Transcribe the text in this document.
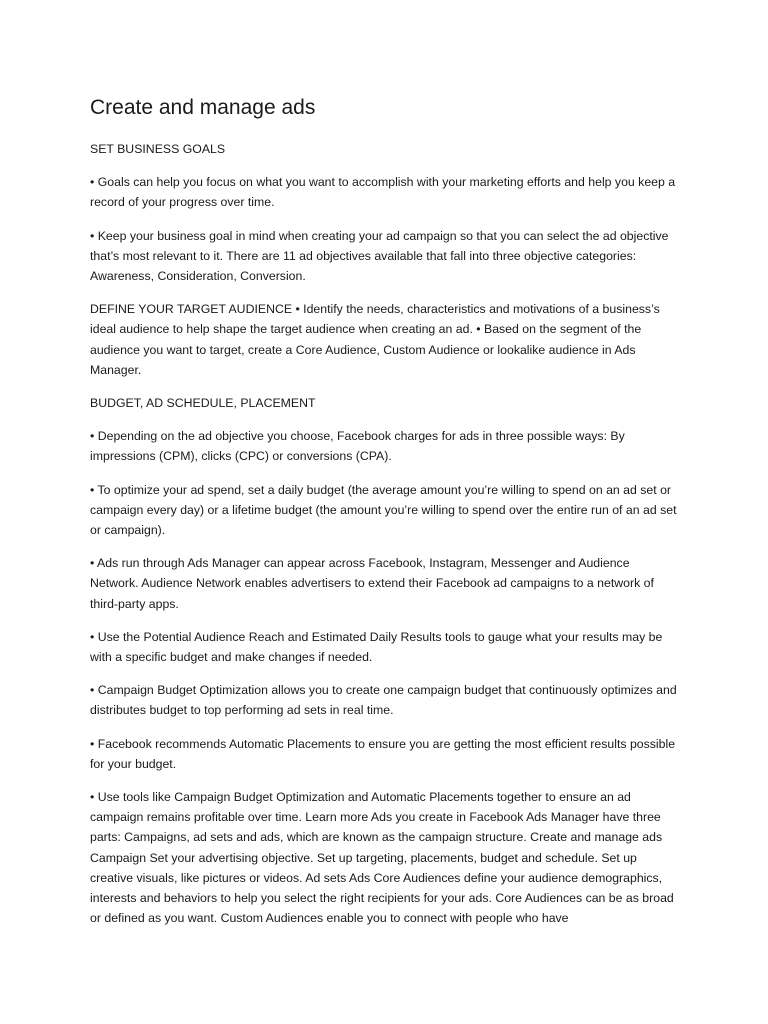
Create and manage ads

SET BUSINESS GOALS

• Goals can help you focus on what you want to accomplish with your marketing efforts and help you keep a record of your progress over time.

• Keep your business goal in mind when creating your ad campaign so that you can select the ad objective that’s most relevant to it. There are 11 ad objectives available that fall into three objective categories: Awareness, Consideration, Conversion.

DEFINE YOUR TARGET AUDIENCE • Identify the needs, characteristics and motivations of a business’s ideal audience to help shape the target audience when creating an ad. • Based on the segment of the audience you want to target, create a Core Audience, Custom Audience or lookalike audience in Ads Manager.

BUDGET, AD SCHEDULE, PLACEMENT

• Depending on the ad objective you choose, Facebook charges for ads in three possible ways: By impressions (CPM), clicks (CPC) or conversions (CPA).

• To optimize your ad spend, set a daily budget (the average amount you’re willing to spend on an ad set or campaign every day) or a lifetime budget (the amount you’re willing to spend over the entire run of an ad set or campaign).

• Ads run through Ads Manager can appear across Facebook, Instagram, Messenger and Audience Network. Audience Network enables advertisers to extend their Facebook ad campaigns to a network of third-party apps.

• Use the Potential Audience Reach and Estimated Daily Results tools to gauge what your results may be with a specific budget and make changes if needed.

• Campaign Budget Optimization allows you to create one campaign budget that continuously optimizes and distributes budget to top performing ad sets in real time.

• Facebook recommends Automatic Placements to ensure you are getting the most efficient results possible for your budget.

• Use tools like Campaign Budget Optimization and Automatic Placements together to ensure an ad campaign remains profitable over time. Learn more Ads you create in Facebook Ads Manager have three parts: Campaigns, ad sets and ads, which are known as the campaign structure. Create and manage ads Campaign Set your advertising objective. Set up targeting, placements, budget and schedule. Set up creative visuals, like pictures or videos. Ad sets Ads Core Audiences define your audience demographics, interests and behaviors to help you select the right recipients for your ads. Core Audiences can be as broad or defined as you want. Custom Audiences enable you to connect with people who have
